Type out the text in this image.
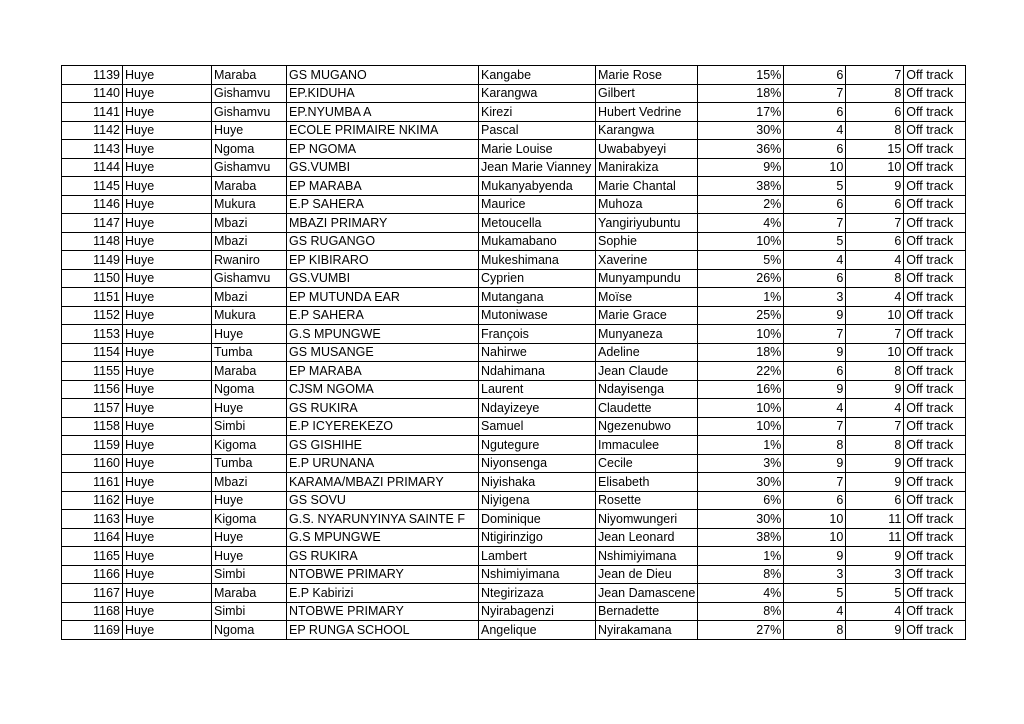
1139	Huye	Maraba	GS MUGANO	Kangabe	Marie Rose	15%	6	7	Off track
1140	Huye	Gishamvu	EP.KIDUHA	Karangwa	Gilbert	18%	7	8	Off track
1141	Huye	Gishamvu	EP.NYUMBA A	Kirezi	Hubert Vedrine	17%	6	6	Off track
1142	Huye	Huye	ECOLE PRIMAIRE NKIMA	Pascal	Karangwa	30%	4	8	Off track
1143	Huye	Ngoma	EP NGOMA	Marie Louise	Uwababyeyi	36%	6	15	Off track
1144	Huye	Gishamvu	GS.VUMBI	Jean Marie Vianney	Manirakiza	9%	10	10	Off track
1145	Huye	Maraba	EP MARABA	Mukanyabyenda	Marie Chantal	38%	5	9	Off track
1146	Huye	Mukura	E.P SAHERA	Maurice	Muhoza	2%	6	6	Off track
1147	Huye	Mbazi	MBAZI PRIMARY	Metoucella	Yangiriyubuntu	4%	7	7	Off track
1148	Huye	Mbazi	GS RUGANGO	Mukamabano	Sophie	10%	5	6	Off track
1149	Huye	Rwaniro	EP KIBIRARO	Mukeshimana	Xaverine	5%	4	4	Off track
1150	Huye	Gishamvu	GS.VUMBI	Cyprien	Munyampundu	26%	6	8	Off track
1151	Huye	Mbazi	EP MUTUNDA EAR	Mutangana	Moïse	1%	3	4	Off track
1152	Huye	Mukura	E.P SAHERA	Mutoniwase	Marie Grace	25%	9	10	Off track
1153	Huye	Huye	G.S MPUNGWE	François	Munyaneza	10%	7	7	Off track
1154	Huye	Tumba	GS MUSANGE	Nahirwe	Adeline	18%	9	10	Off track
1155	Huye	Maraba	EP MARABA	Ndahimana	Jean Claude	22%	6	8	Off track
1156	Huye	Ngoma	CJSM NGOMA	Laurent	Ndayisenga	16%	9	9	Off track
1157	Huye	Huye	GS RUKIRA	Ndayizeye	Claudette	10%	4	4	Off track
1158	Huye	Simbi	E.P ICYEREKEZO	Samuel	Ngezenubwo	10%	7	7	Off track
1159	Huye	Kigoma	GS GISHIHE	Ngutegure	Immaculee	1%	8	8	Off track
1160	Huye	Tumba	E.P URUNANA	Niyonsenga	Cecile	3%	9	9	Off track
1161	Huye	Mbazi	KARAMA/MBAZI PRIMARY	Niyishaka	Elisabeth	30%	7	9	Off track
1162	Huye	Huye	GS SOVU	Niyigena	Rosette	6%	6	6	Off track
1163	Huye	Kigoma	G.S. NYARUNYINYA SAINTE F	Dominique	Niyomwungeri	30%	10	11	Off track
1164	Huye	Huye	G.S MPUNGWE	Ntigirinzigo	Jean Leonard	38%	10	11	Off track
1165	Huye	Huye	GS RUKIRA	Lambert	Nshimiyimana	1%	9	9	Off track
1166	Huye	Simbi	NTOBWE PRIMARY	Nshimiyimana	Jean de Dieu	8%	3	3	Off track
1167	Huye	Maraba	E.P Kabirizi	Ntegirizaza	Jean Damascene	4%	5	5	Off track
1168	Huye	Simbi	NTOBWE PRIMARY	Nyirabagenzi	Bernadette	8%	4	4	Off track
1169	Huye	Ngoma	EP RUNGA SCHOOL	Angelique	Nyirakamana	27%	8	9	Off track
